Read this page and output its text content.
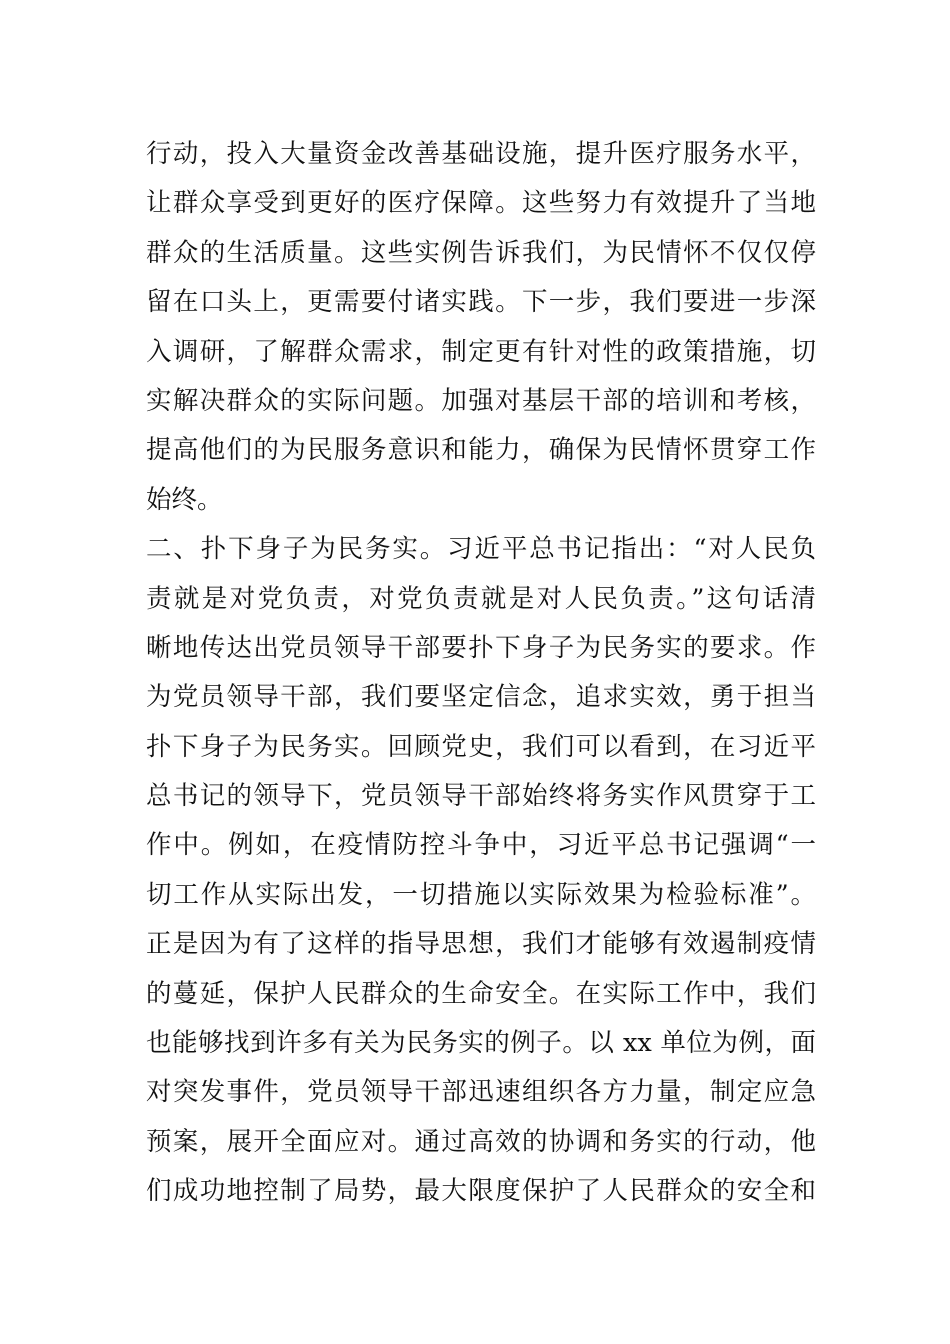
行动，投入大量资金改善基础设施，提升医疗服务水平，
让群众享受到更好的医疗保障。这些努力有效提升了当地
群众的生活质量。这些实例告诉我们，为民情怀不仅仅停
留在口头上，更需要付诸实践。下一步，我们要进一步深
入调研，了解群众需求，制定更有针对性的政策措施，切
实解决群众的实际问题。加强对基层干部的培训和考核，
提高他们的为民服务意识和能力，确保为民情怀贯穿工作
始终。
二、扑下身子为民务实。习近平总书记指出：“对人民负
责就是对党负责，对党负责就是对人民负责。”这句话清
晰地传达出党员领导干部要扑下身子为民务实的要求。作
为党员领导干部，我们要坚定信念，追求实效，勇于担当
扑下身子为民务实。回顾党史，我们可以看到，在习近平
总书记的领导下，党员领导干部始终将务实作风贯穿于工
作中。例如，在疫情防控斗争中，习近平总书记强调“一
切工作从实际出发，一切措施以实际效果为检验标准”。
正是因为有了这样的指导思想，我们才能够有效遏制疫情
的蔓延，保护人民群众的生命安全。在实际工作中，我们
也能够找到许多有关为民务实的例子。以 xx 单位为例，面
对突发事件，党员领导干部迅速组织各方力量，制定应急
预案，展开全面应对。通过高效的协调和务实的行动，他
们成功地控制了局势，最大限度保护了人民群众的安全和
